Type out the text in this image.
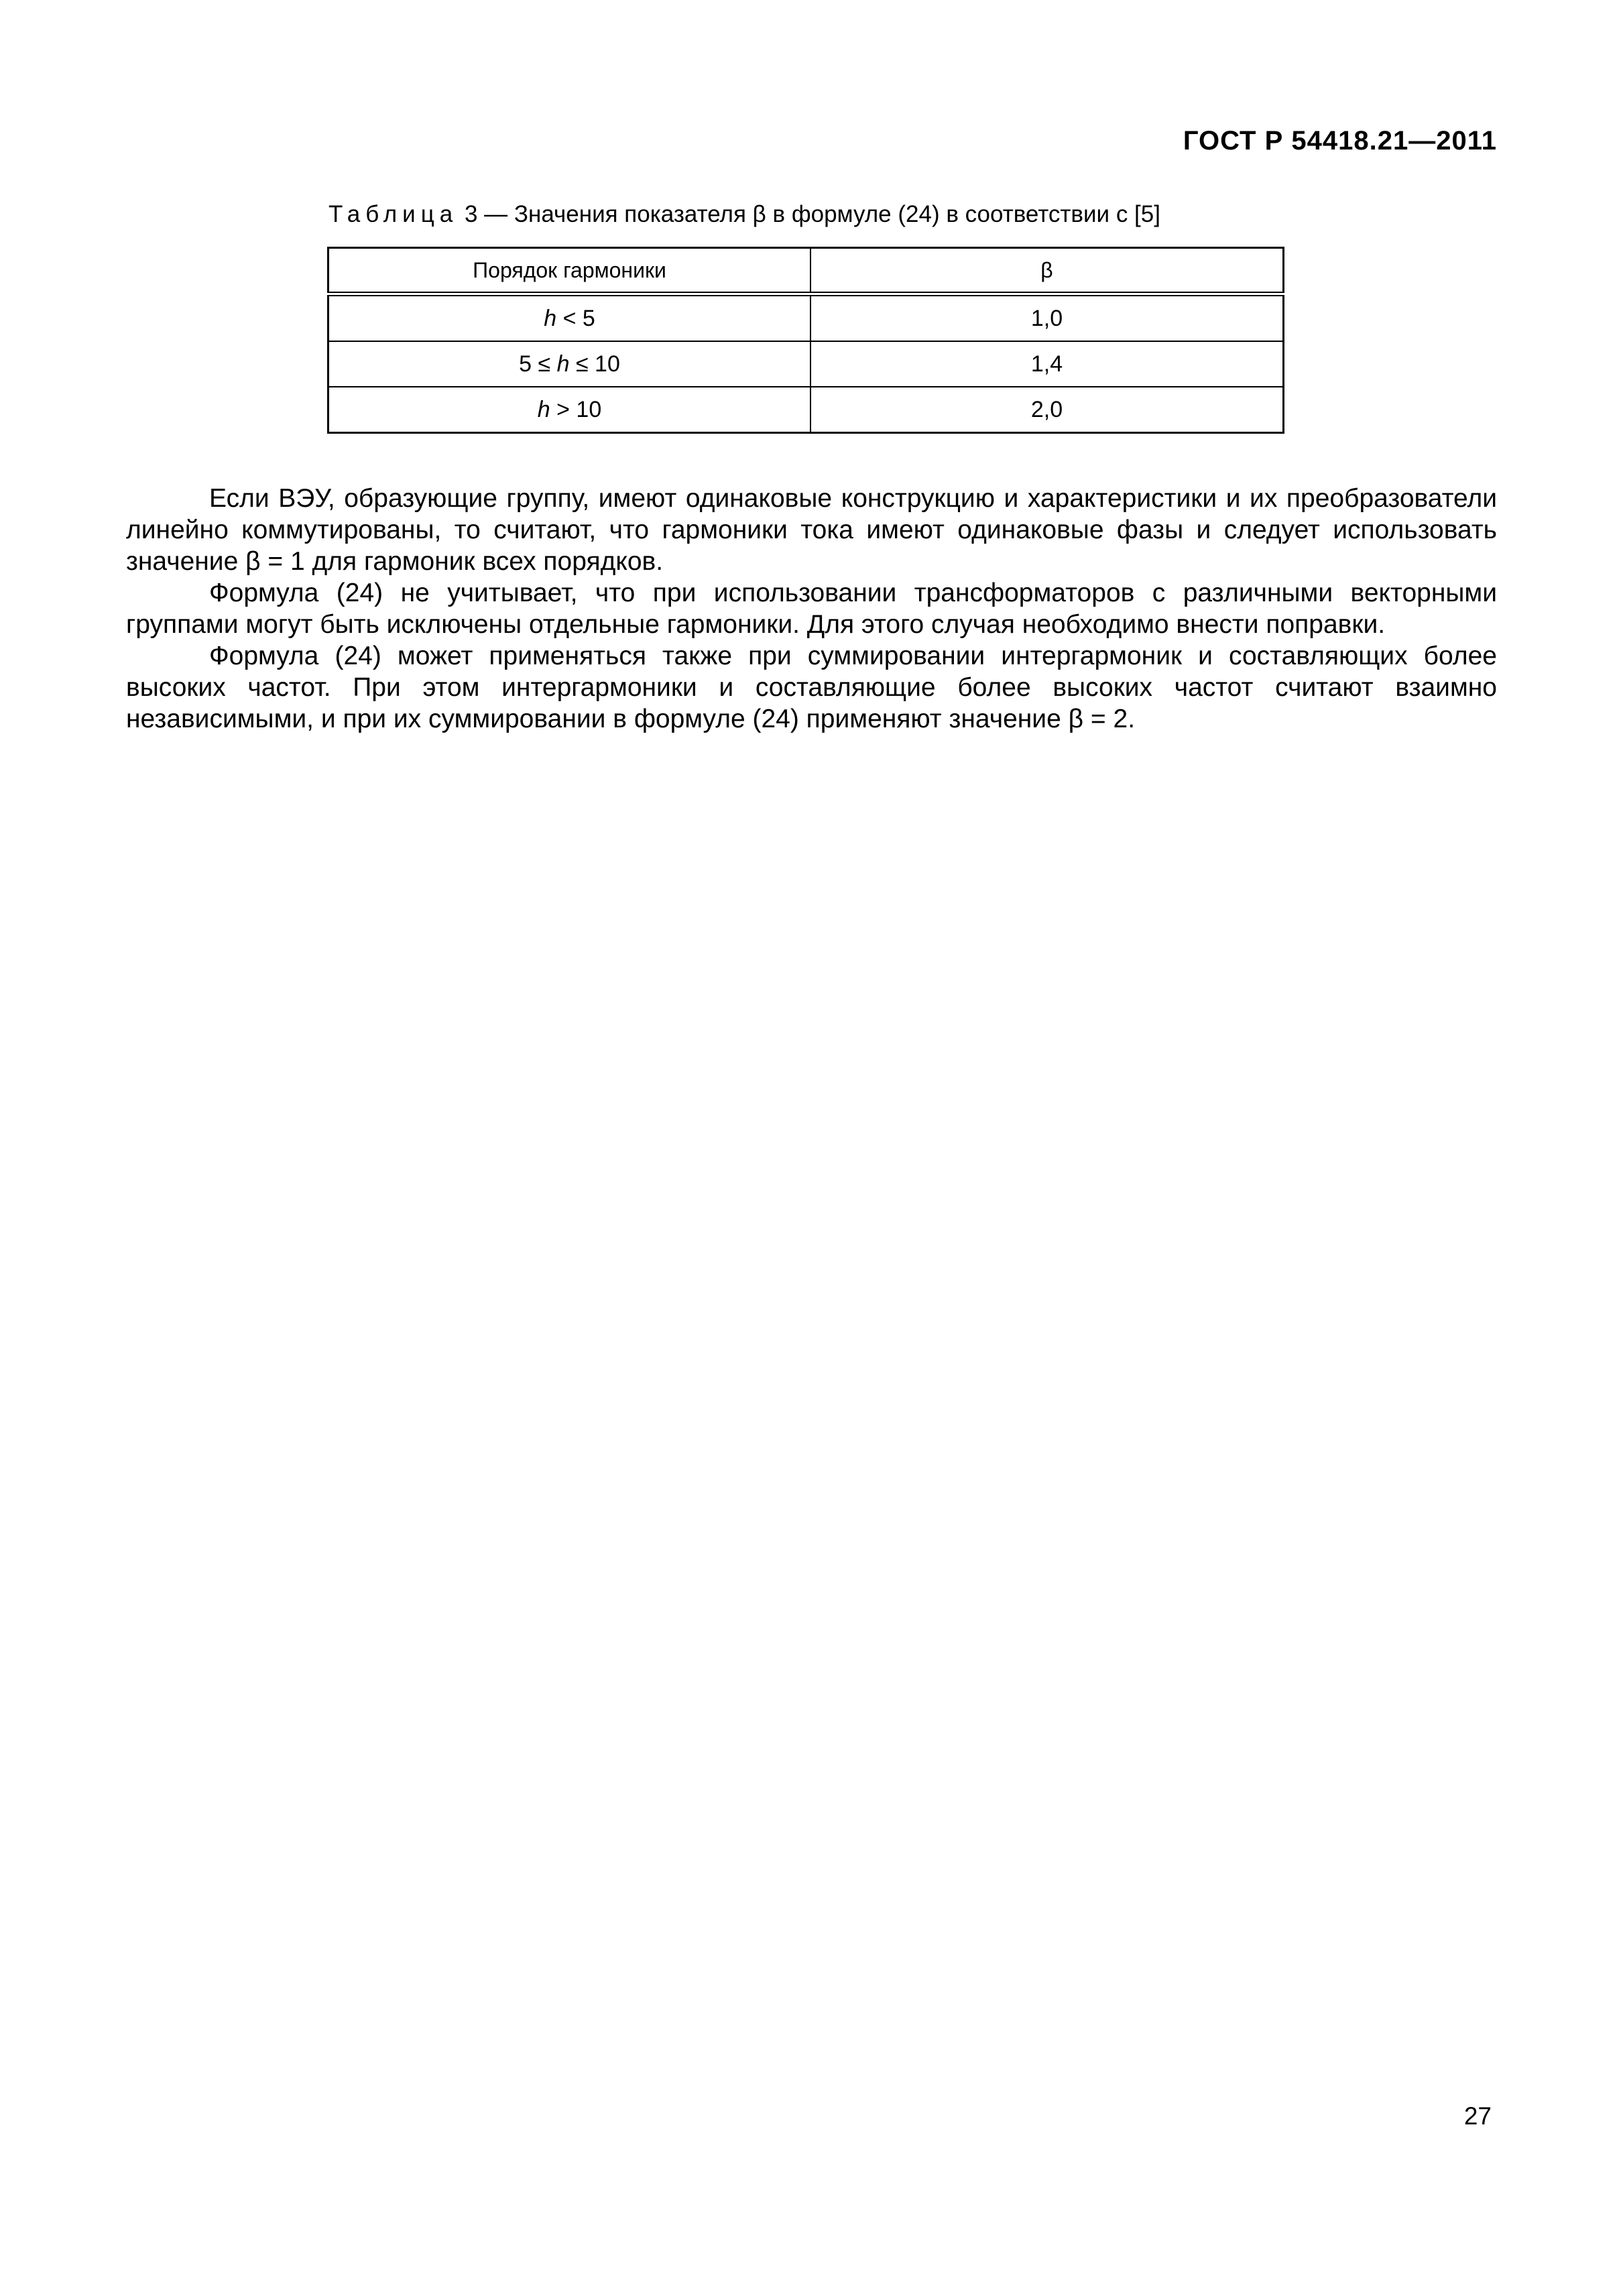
ГОСТ Р 54418.21—2011
Таблица 3 — Значения показателя β в формуле (24) в соответствии с [5]
Порядок гармоники	β
h < 5	1,0
5 ≤ h ≤ 10	1,4
h > 10	2,0

Если ВЭУ, образующие группу, имеют одинаковые конструкцию и характеристики и их преобразователи линейно коммутированы, то считают, что гармоники тока имеют одинаковые фазы и следует использовать значение β = 1 для гармоник всех порядков.

Формула (24) не учитывает, что при использовании трансформаторов с различными векторными группами могут быть исключены отдельные гармоники. Для этого случая необходимо внести поправки.

Формула (24) может применяться также при суммировании интергармоник и составляющих более высоких частот. При этом интергармоники и составляющие более высоких частот считают взаимно независимыми, и при их суммировании в формуле (24) применяют значение β = 2.

27
